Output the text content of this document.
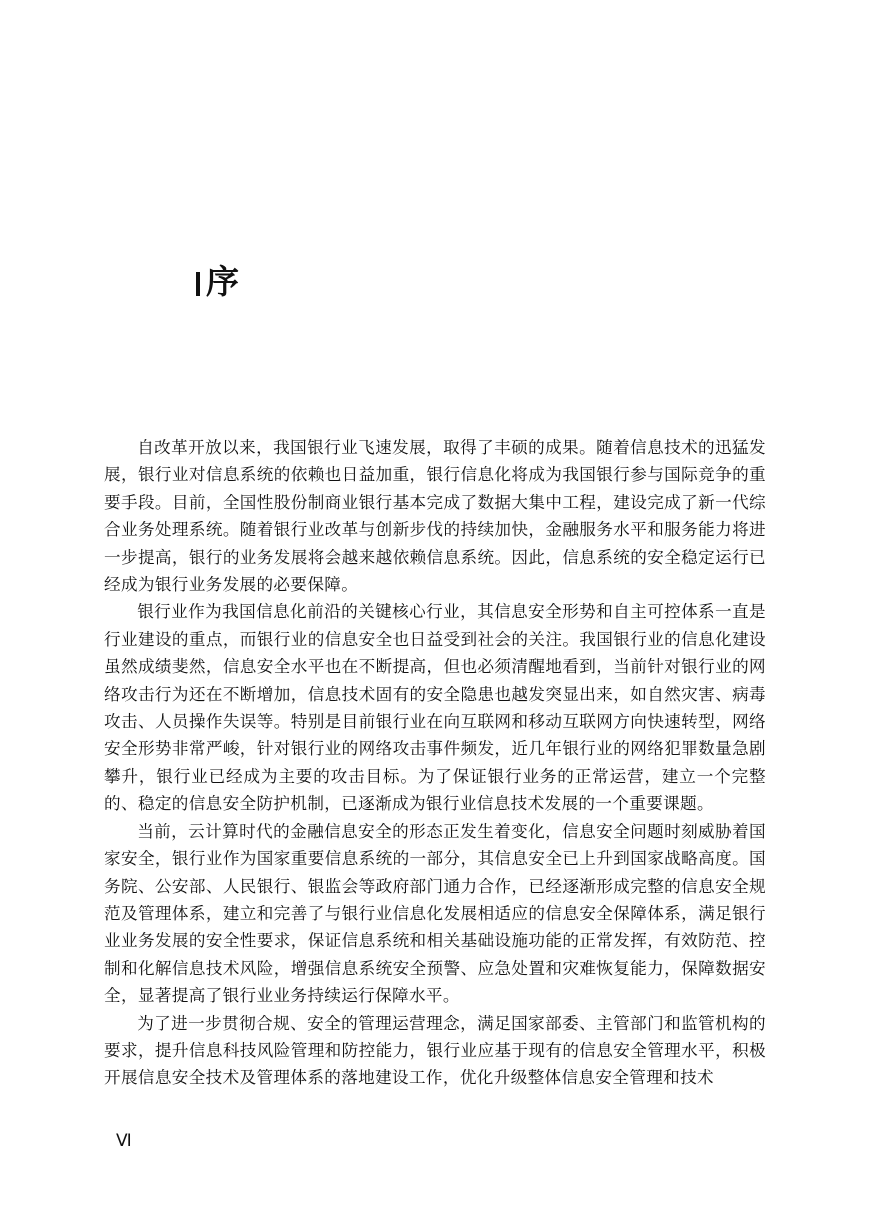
序

自改革开放以来，我国银行业飞速发展，取得了丰硕的成果。随着信息技术的迅猛发展，银行业对信息系统的依赖也日益加重，银行信息化将成为我国银行参与国际竞争的重要手段。目前，全国性股份制商业银行基本完成了数据大集中工程，建设完成了新一代综合业务处理系统。随着银行业改革与创新步伐的持续加快，金融服务水平和服务能力将进一步提高，银行的业务发展将会越来越依赖信息系统。因此，信息系统的安全稳定运行已经成为银行业务发展的必要保障。

银行业作为我国信息化前沿的关键核心行业，其信息安全形势和自主可控体系一直是行业建设的重点，而银行业的信息安全也日益受到社会的关注。我国银行业的信息化建设虽然成绩斐然，信息安全水平也在不断提高，但也必须清醒地看到，当前针对银行业的网络攻击行为还在不断增加，信息技术固有的安全隐患也越发突显出来，如自然灾害、病毒攻击、人员操作失误等。特别是目前银行业在向互联网和移动互联网方向快速转型，网络安全形势非常严峻，针对银行业的网络攻击事件频发，近几年银行业的网络犯罪数量急剧攀升，银行业已经成为主要的攻击目标。为了保证银行业务的正常运营，建立一个完整的、稳定的信息安全防护机制，已逐渐成为银行业信息技术发展的一个重要课题。

当前，云计算时代的金融信息安全的形态正发生着变化，信息安全问题时刻威胁着国家安全，银行业作为国家重要信息系统的一部分，其信息安全已上升到国家战略高度。国务院、公安部、人民银行、银监会等政府部门通力合作，已经逐渐形成完整的信息安全规范及管理体系，建立和完善了与银行业信息化发展相适应的信息安全保障体系，满足银行业业务发展的安全性要求，保证信息系统和相关基础设施功能的正常发挥，有效防范、控制和化解信息技术风险，增强信息系统安全预警、应急处置和灾难恢复能力，保障数据安全，显著提高了银行业业务持续运行保障水平。

为了进一步贯彻合规、安全的管理运营理念，满足国家部委、主管部门和监管机构的要求，提升信息科技风险管理和防控能力，银行业应基于现有的信息安全管理水平，积极开展信息安全技术及管理体系的落地建设工作，优化升级整体信息安全管理和技术

Ⅵ
